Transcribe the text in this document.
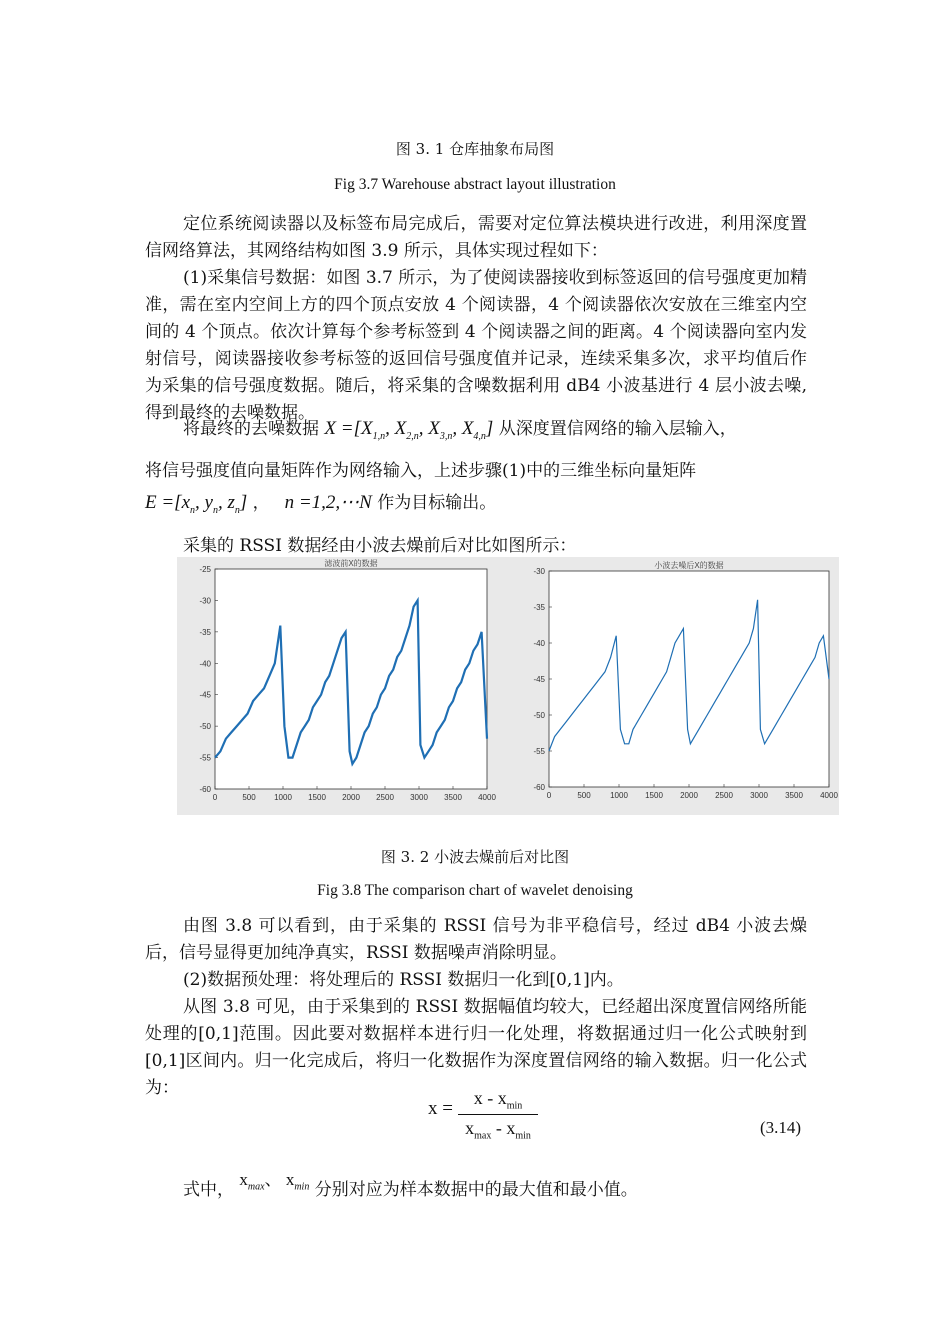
图 3. 1 仓库抽象布局图
Fig 3.7 Warehouse abstract layout illustration

定位系统阅读器以及标签布局完成后，需要对定位算法模块进行改进，利用深度置信网络算法，其网络结构如图 3.9 所示，具体实现过程如下：

(1)采集信号数据：如图 3.7 所示，为了使阅读器接收到标签返回的信号强度更加精准，需在室内空间上方的四个顶点安放 4 个阅读器，4 个阅读器依次安放在三维室内空间的 4 个顶点。依次计算每个参考标签到 4 个阅读器之间的距离。4 个阅读器向室内发射信号，阅读器接收参考标签的返回信号强度值并记录，连续采集多次，求平均值后作为采集的信号强度数据。随后，将采集的含噪数据利用 dB4 小波基进行 4 层小波去噪,得到最终的去噪数据。

将最终的去噪数据 $X =[X_{1,n}$, $X_{2,n}$, $X_{3,n}$, $X_{4,n}$] 从深度置信网络的输入层输入，

将信号强度值向量矩阵作为网络输入，上述步骤(1)中的三维坐标向量矩阵

$E =[x_n$, $y_n$, $z_n$] ，   n =1,2,⋯N 作为目标输出。

采集的 RSSI 数据经由小波去燥前后对比如图所示：

滤波前X的数据
-25
-30
-35
-40
-45
-50
-55
-60
0	500 1000 1500 2000 2500 3000 3500 4000
小波去噪后X的数据
-30
-35
-40
-45
-50
-55
-60
0	500 1000 1500 2000 2500 3000 3500 4000
图 3. 2 小波去燥前后对比图
Fig 3.8 The comparison chart of wavelet denoising

由图 3.8 可以看到，由于采集的 RSSI 信号为非平稳信号，经过 dB4 小波去燥后，信号显得更加纯净真实，RSSI 数据噪声消除明显。

(2)数据预处理：将处理后的 RSSI 数据归一化到[0,1]内。

从图 3.8 可见，由于采集到的 RSSI 数据幅值均较大，已经超出深度置信网络所能处理的[0,1]范围。因此要对数据样本进行归一化处理，将数据通过归一化公式映射到[0,1]区间内。归一化完成后，将归一化数据作为深度置信网络的输入数据。归一化公式为：

x =	x - $x_{min}$
$x_{max} - x_{min}$	(3.14)

式中， $x_{max}$、 $x_{min}$ 分别对应为样本数据中的最大值和最小值。
